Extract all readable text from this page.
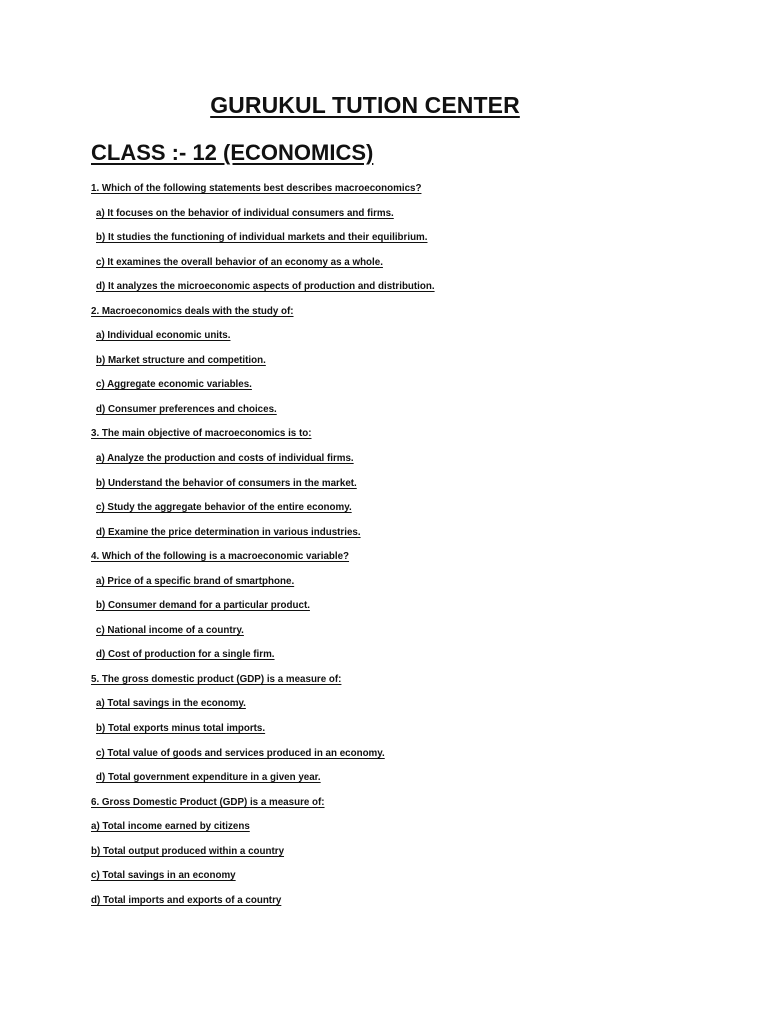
GURUKUL TUTION CENTER
CLASS :- 12 (ECONOMICS)
1. Which of the following statements best describes macroeconomics?
a) It focuses on the behavior of individual consumers and firms.
b) It studies the functioning of individual markets and their equilibrium.
c) It examines the overall behavior of an economy as a whole.
d) It analyzes the microeconomic aspects of production and distribution.
2. Macroeconomics deals with the study of:
a) Individual economic units.
b) Market structure and competition.
c) Aggregate economic variables.
d) Consumer preferences and choices.
3. The main objective of macroeconomics is to:
a) Analyze the production and costs of individual firms.
b) Understand the behavior of consumers in the market.
c) Study the aggregate behavior of the entire economy.
d) Examine the price determination in various industries.
4. Which of the following is a macroeconomic variable?
a) Price of a specific brand of smartphone.
b) Consumer demand for a particular product.
c) National income of a country.
d) Cost of production for a single firm.
5. The gross domestic product (GDP) is a measure of:
a) Total savings in the economy.
b) Total exports minus total imports.
c) Total value of goods and services produced in an economy.
d) Total government expenditure in a given year.
6. Gross Domestic Product (GDP) is a measure of:
a) Total income earned by citizens
b) Total output produced within a country
c) Total savings in an economy
d) Total imports and exports of a country
